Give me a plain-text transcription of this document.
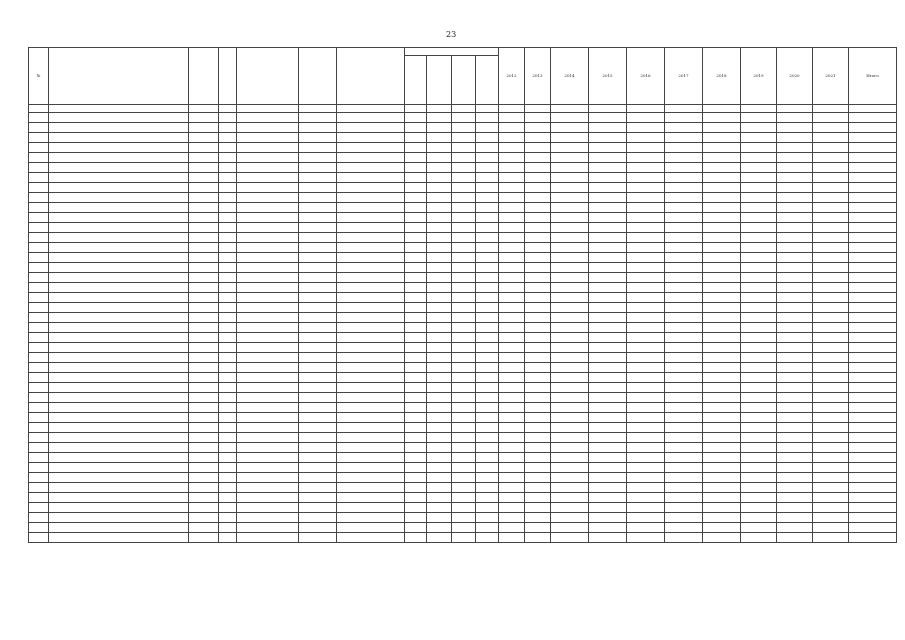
23
№											2012	2013	2014	2015	2016	2017	2018	2019	2020	2021	Итого
